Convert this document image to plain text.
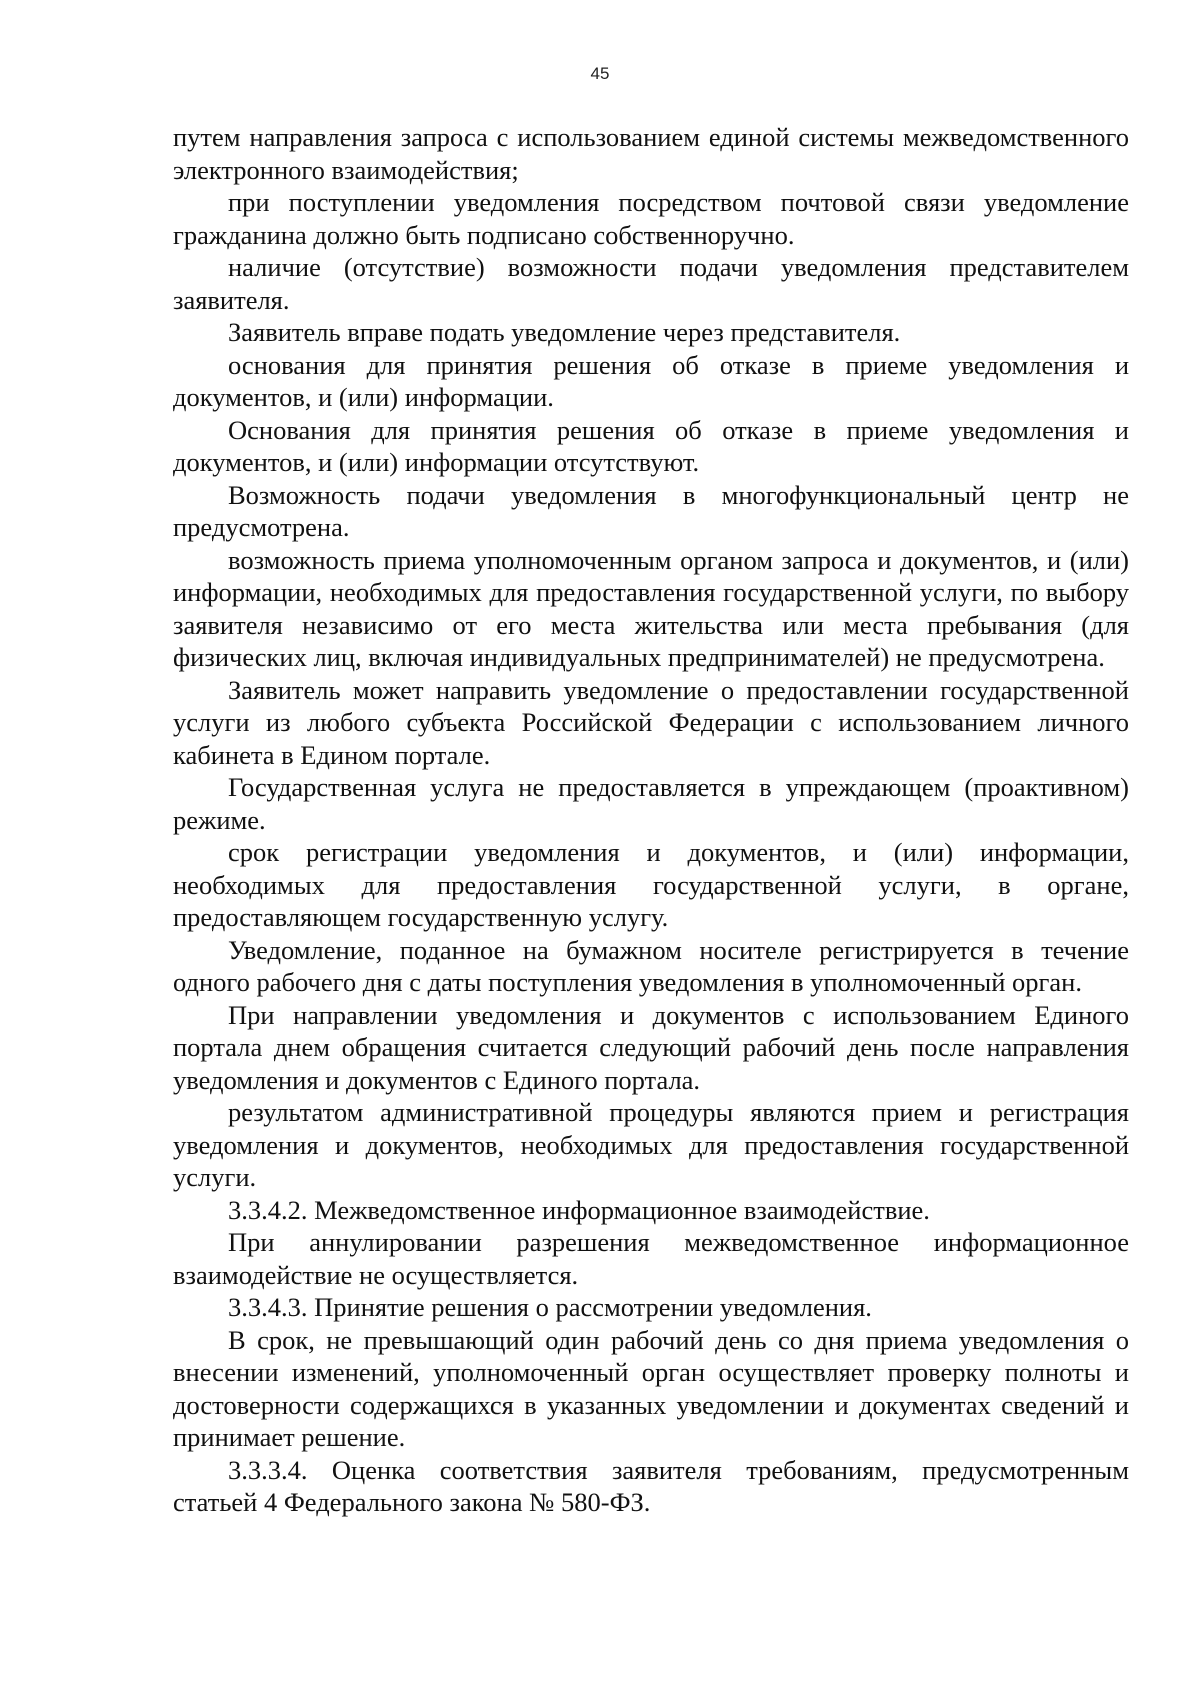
45

путем направления запроса с использованием единой системы межведомственного электронного взаимодействия;

при поступлении уведомления посредством почтовой связи уведомление гражданина должно быть подписано собственноручно.

наличие (отсутствие) возможности подачи уведомления представителем заявителя.

Заявитель вправе подать уведомление через представителя.

основания для принятия решения об отказе в приеме уведомления и документов, и (или) информации.

Основания для принятия решения об отказе в приеме уведомления и документов, и (или) информации отсутствуют.

Возможность подачи уведомления в многофункциональный центр не предусмотрена.

возможность приема уполномоченным органом запроса и документов, и (или) информации, необходимых для предоставления государственной услуги, по выбору заявителя независимо от его места жительства или места пребывания (для физических лиц, включая индивидуальных предпринимателей) не предусмотрена.

Заявитель может направить уведомление о предоставлении государственной услуги из любого субъекта Российской Федерации с использованием личного кабинета в Едином портале.

Государственная услуга не предоставляется в упреждающем (проактивном) режиме.

срок регистрации уведомления и документов, и (или) информации, необходимых для предоставления государственной услуги, в органе, предоставляющем государственную услугу.

Уведомление, поданное на бумажном носителе регистрируется в течение одного рабочего дня с даты поступления уведомления в уполномоченный орган.

При направлении уведомления и документов с использованием Единого портала днем обращения считается следующий рабочий день после направления уведомления и документов с Единого портала.

результатом административной процедуры являются прием и регистрация уведомления и документов, необходимых для предоставления государственной услуги.

3.3.4.2. Межведомственное информационное взаимодействие.

При аннулировании разрешения межведомственное информационное взаимодействие не осуществляется.

3.3.4.3. Принятие решения о рассмотрении уведомления.

В срок, не превышающий один рабочий день со дня приема уведомления о внесении изменений, уполномоченный орган осуществляет проверку полноты и достоверности содержащихся в указанных уведомлении и документах сведений и принимает решение.

3.3.3.4. Оценка соответствия заявителя требованиям, предусмотренным статьей 4 Федерального закона № 580-ФЗ.
